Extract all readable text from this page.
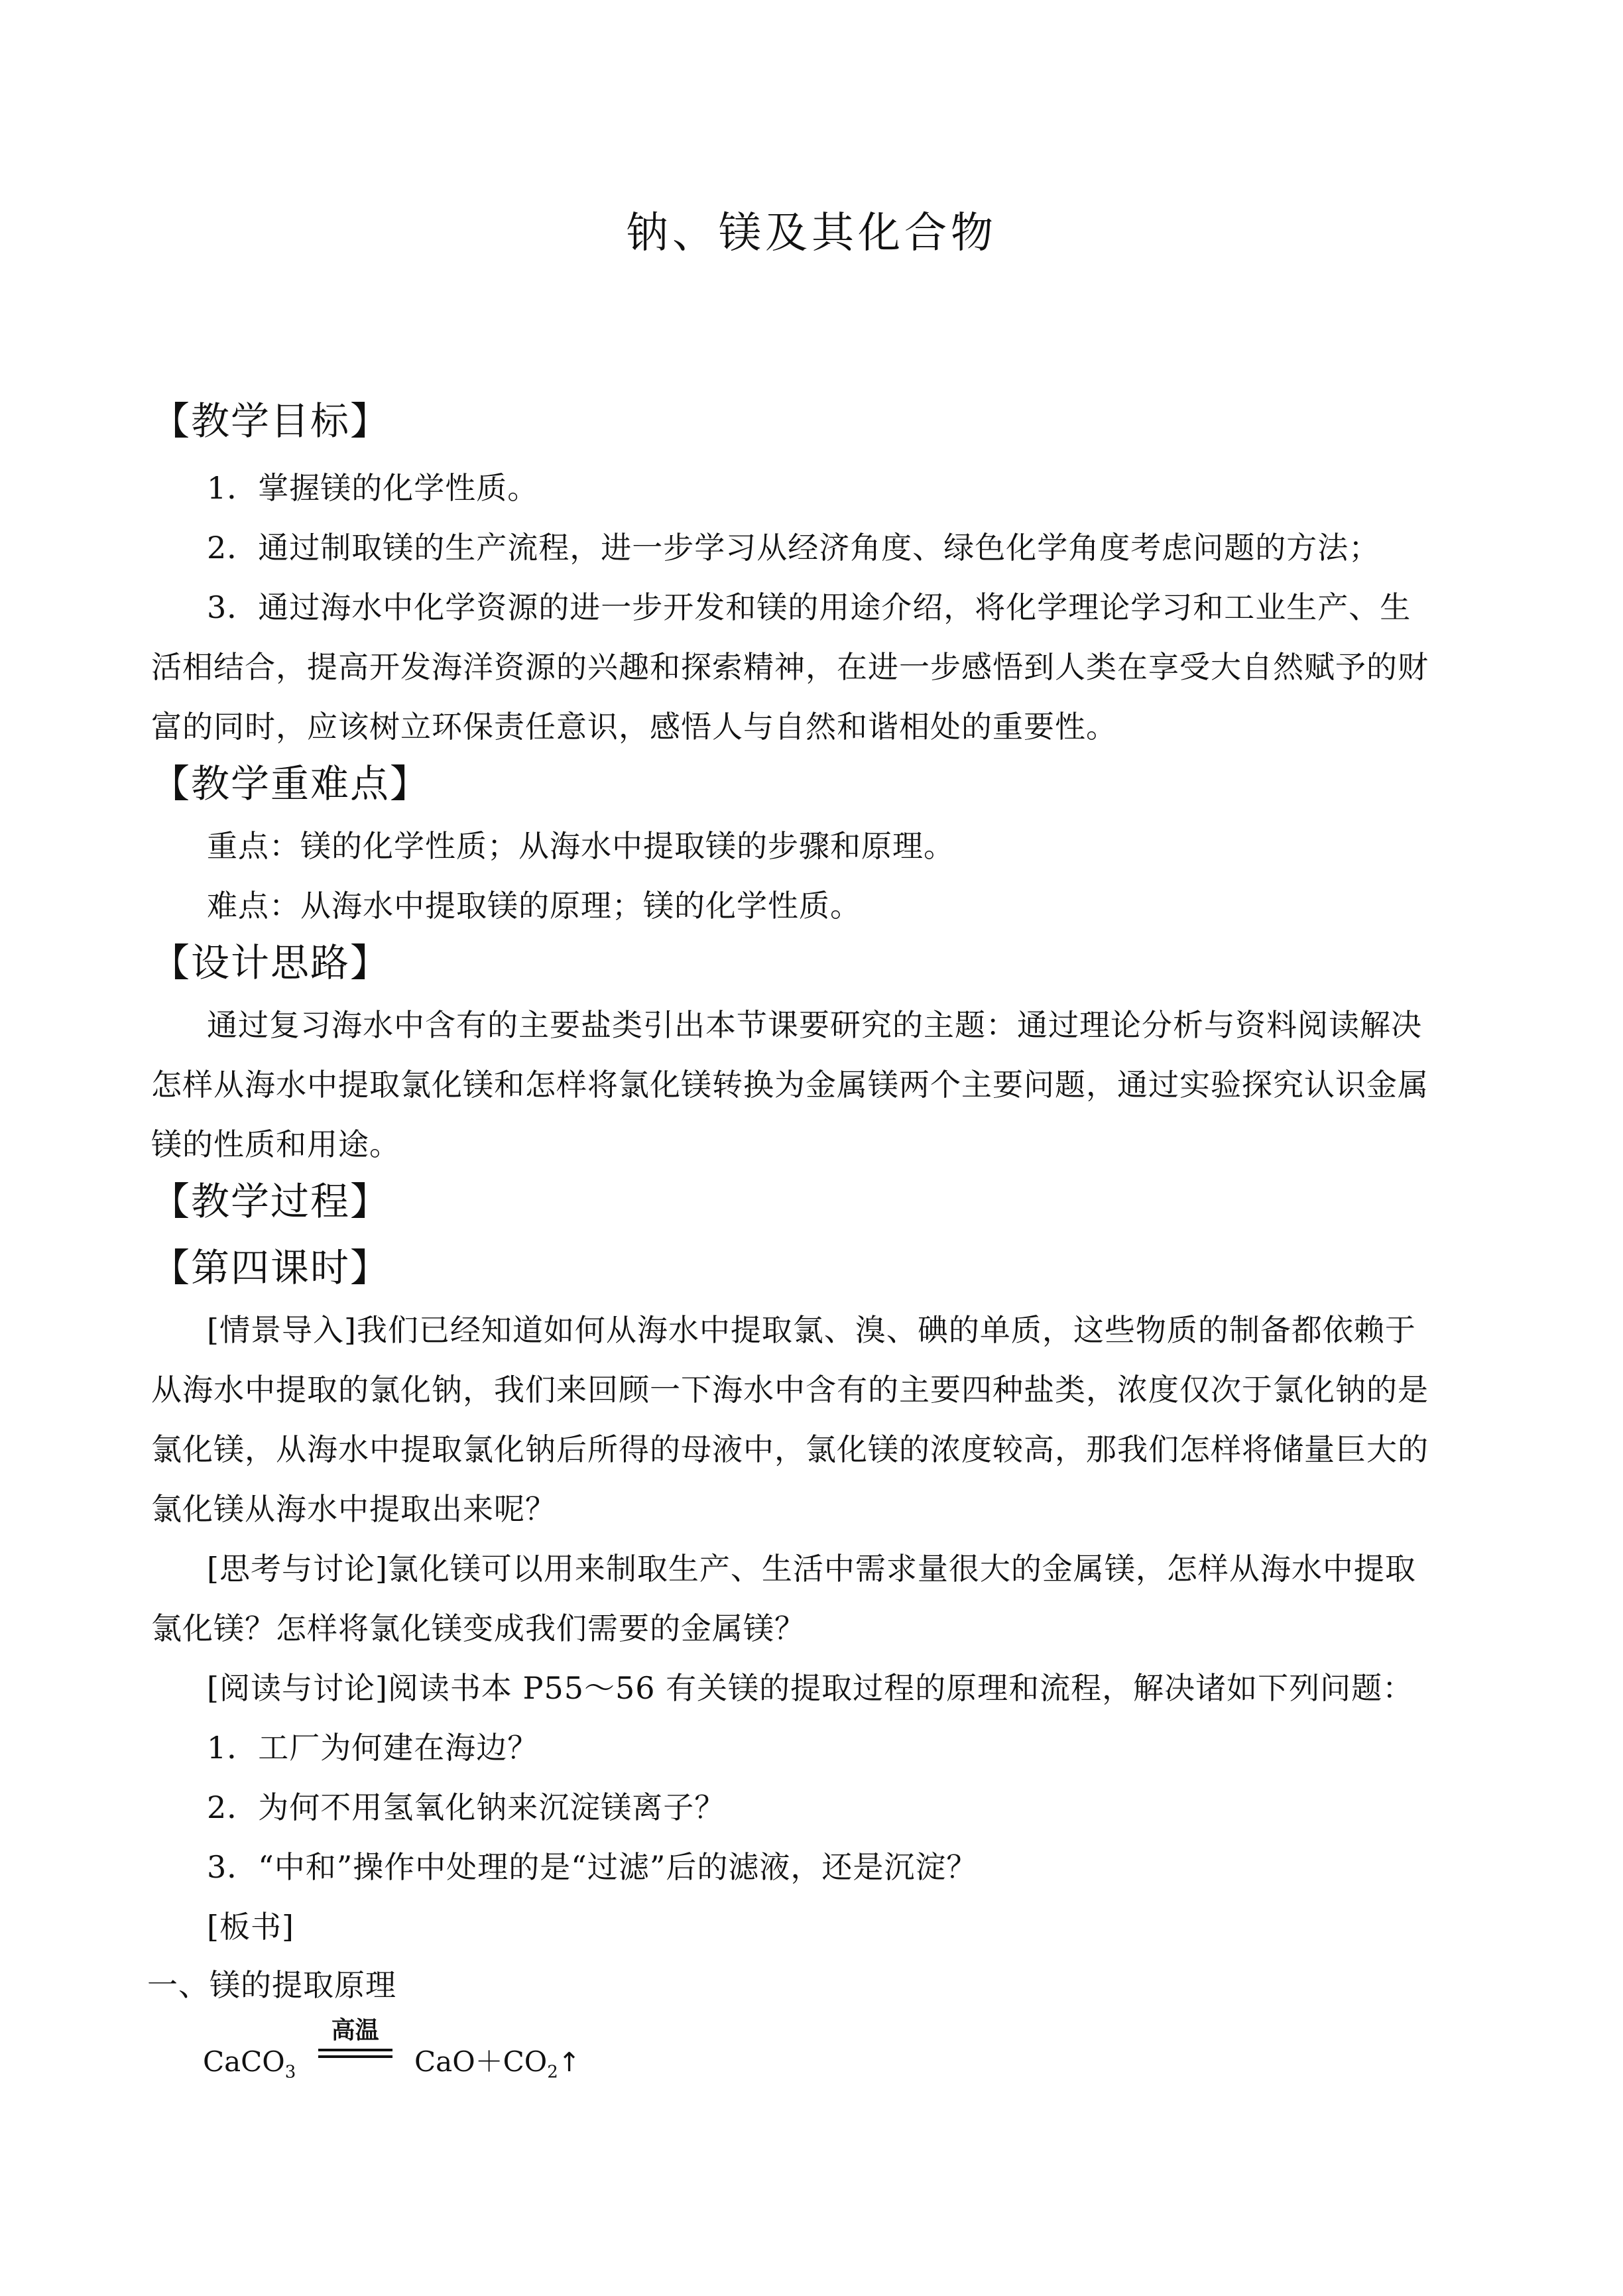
钠、镁及其化合物
【教学目标】
1．掌握镁的化学性质。
2．通过制取镁的生产流程，进一步学习从经济角度、绿色化学角度考虑问题的方法；
3．通过海水中化学资源的进一步开发和镁的用途介绍，将化学理论学习和工业生产、生
活相结合，提高开发海洋资源的兴趣和探索精神，在进一步感悟到人类在享受大自然赋予的财
富的同时，应该树立环保责任意识，感悟人与自然和谐相处的重要性。
【教学重难点】
重点：镁的化学性质；从海水中提取镁的步骤和原理。
难点：从海水中提取镁的原理；镁的化学性质。
【设计思路】
通过复习海水中含有的主要盐类引出本节课要研究的主题：通过理论分析与资料阅读解决
怎样从海水中提取氯化镁和怎样将氯化镁转换为金属镁两个主要问题，通过实验探究认识金属
镁的性质和用途。
【教学过程】
【第四课时】
[情景导入]我们已经知道如何从海水中提取氯、溴、碘的单质，这些物质的制备都依赖于
从海水中提取的氯化钠，我们来回顾一下海水中含有的主要四种盐类，浓度仅次于氯化钠的是
氯化镁，从海水中提取氯化钠后所得的母液中，氯化镁的浓度较高，那我们怎样将储量巨大的
氯化镁从海水中提取出来呢？
[思考与讨论]氯化镁可以用来制取生产、生活中需求量很大的金属镁，怎样从海水中提取
氯化镁？怎样将氯化镁变成我们需要的金属镁？
[阅读与讨论]阅读书本 P55～56 有关镁的提取过程的原理和流程，解决诸如下列问题：
1．工厂为何建在海边？
2．为何不用氢氧化钠来沉淀镁离子？
3．“中和”操作中处理的是“过滤”后的滤液，还是沉淀？
[板书]
一、镁的提取原理
CaCO$_3$
高温
$CaO+CO_2↑$
